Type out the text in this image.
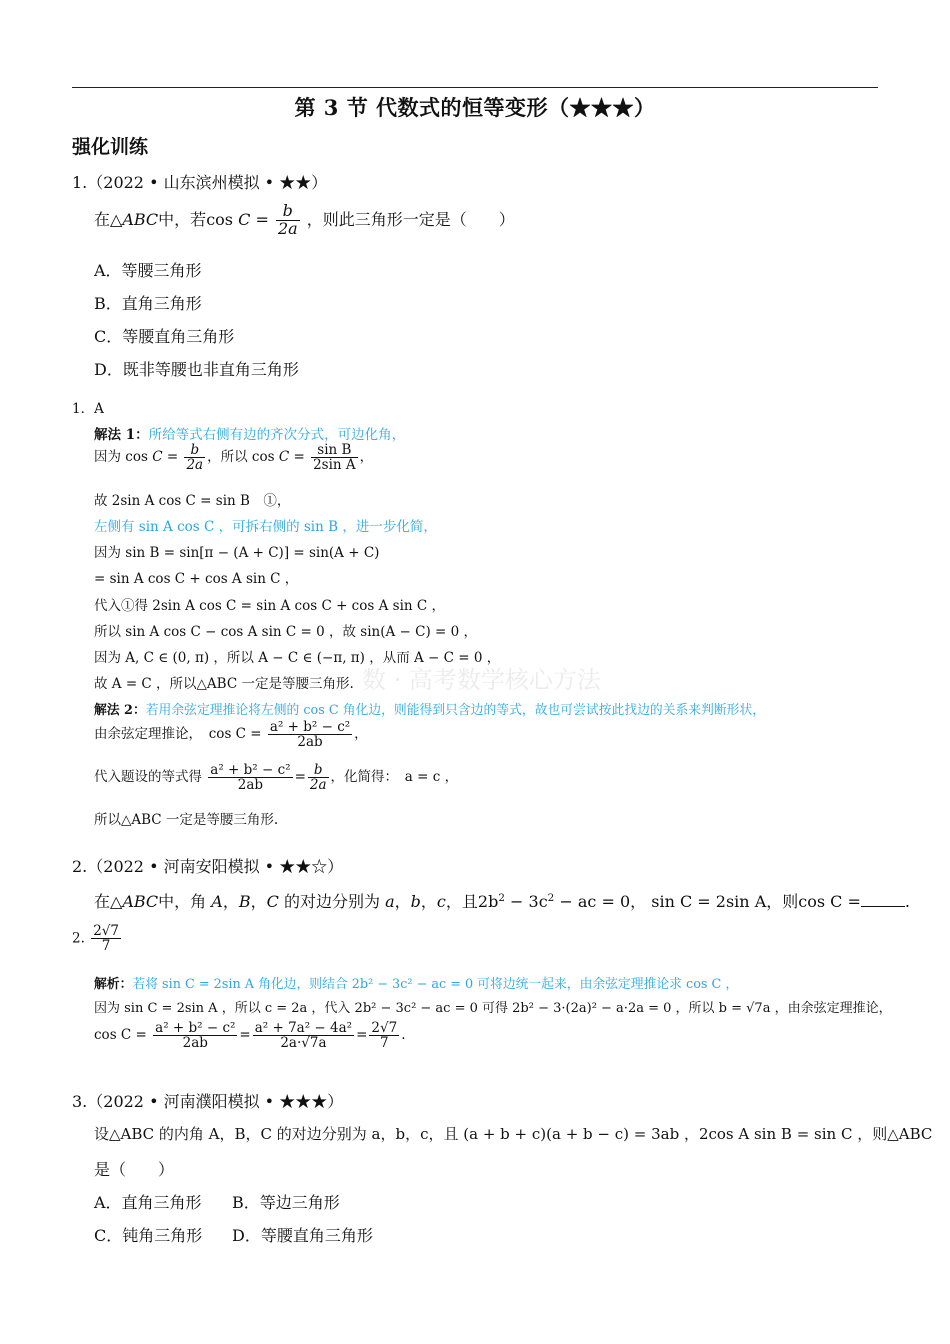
第 3 节 代数式的恒等变形（★★★）
强化训练
数 · 高考数学核心方法
1.（2022 • 山东滨州模拟 • ★★）
在△ABC中，若$\cos C = \frac{b}{2a}$ ，则此三角形一定是（　　）
A．等腰三角形
B．直角三角形
C．等腰直角三角形
D．既非等腰也非直角三角形
1．A
解法 1：所给等式右侧有边的齐次分式，可边化角，
因为 $\cos C = \frac{b}{2a}$ ，所以 $\cos C = \frac{\text{sin B}}{\text{2sin A}}$ ，
故 2sin A cos C = sin B　①，
左侧有 sin A cos C ，可拆右侧的 sin B ，进一步化简，
因为 sin B = sin[π − (A + C)] = sin(A + C)
= sin A cos C + cos A sin C ，
代入①得 2sin A cos C = sin A cos C + cos A sin C ，
所以 sin A cos C − cos A sin C = 0 ，故 sin(A − C) = 0 ，
因为 A, C ∈ (0, π) ，所以 A − C ∈ (−π, π) ，从而 A − C = 0 ，
故 A = C ，所以△ABC 一定是等腰三角形.
解法 2：若用余弦定理推论将左侧的 cos C 角化边，则能得到只含边的等式，故也可尝试按此找边的关系来判断形状，
由余弦定理推论，　$\cos C = \frac{\text{a² + b² − c²}}{2ab}$ ，
代入题设的等式得 $\frac{\text{a² + b² − c²}}{2ab} = \frac{b}{2a}$ ，化简得：　a = c ，
所以△ABC 一定是等腰三角形.
2.（2022 • 河南安阳模拟 • ★★☆）
在△ABC中，角 A，B，C 的对边分别为 a，b，c，且$2b^2 - 3c^2$ − ac = 0， sin C = 2sin A，则cos C =	.
2. $\frac{2√7}{7}$
解析：若将 sin C = 2sin A 角化边，则结合 2b² − 3c² − ac = 0 可将边统一起来，由余弦定理推论求 cos C ，
因为 sin C = 2sin A ，所以 c = 2a ，代入 2b² − 3c² − ac = 0 可得 2b² − 3·(2a)² − a·2a = 0 ，所以 b = √7a ，由余弦定理推论，
$\cos C = \frac{\text{a² + b² − c²}}{2ab} = \frac{\text{a² + 7a² − 4a²}}{2a\cdot√7a} = \frac{2√7}{7}$ .
3.（2022 • 河南濮阳模拟 • ★★★）
设△ABC 的内角 A，B，C 的对边分别为 a，b，c，且 (a + b + c)(a + b − c) = 3ab ，2cos A sin B = sin C ，则△ABC
是（　　）
A．直角三角形 B．等边三角形
C．钝角三角形 D．等腰直角三角形
